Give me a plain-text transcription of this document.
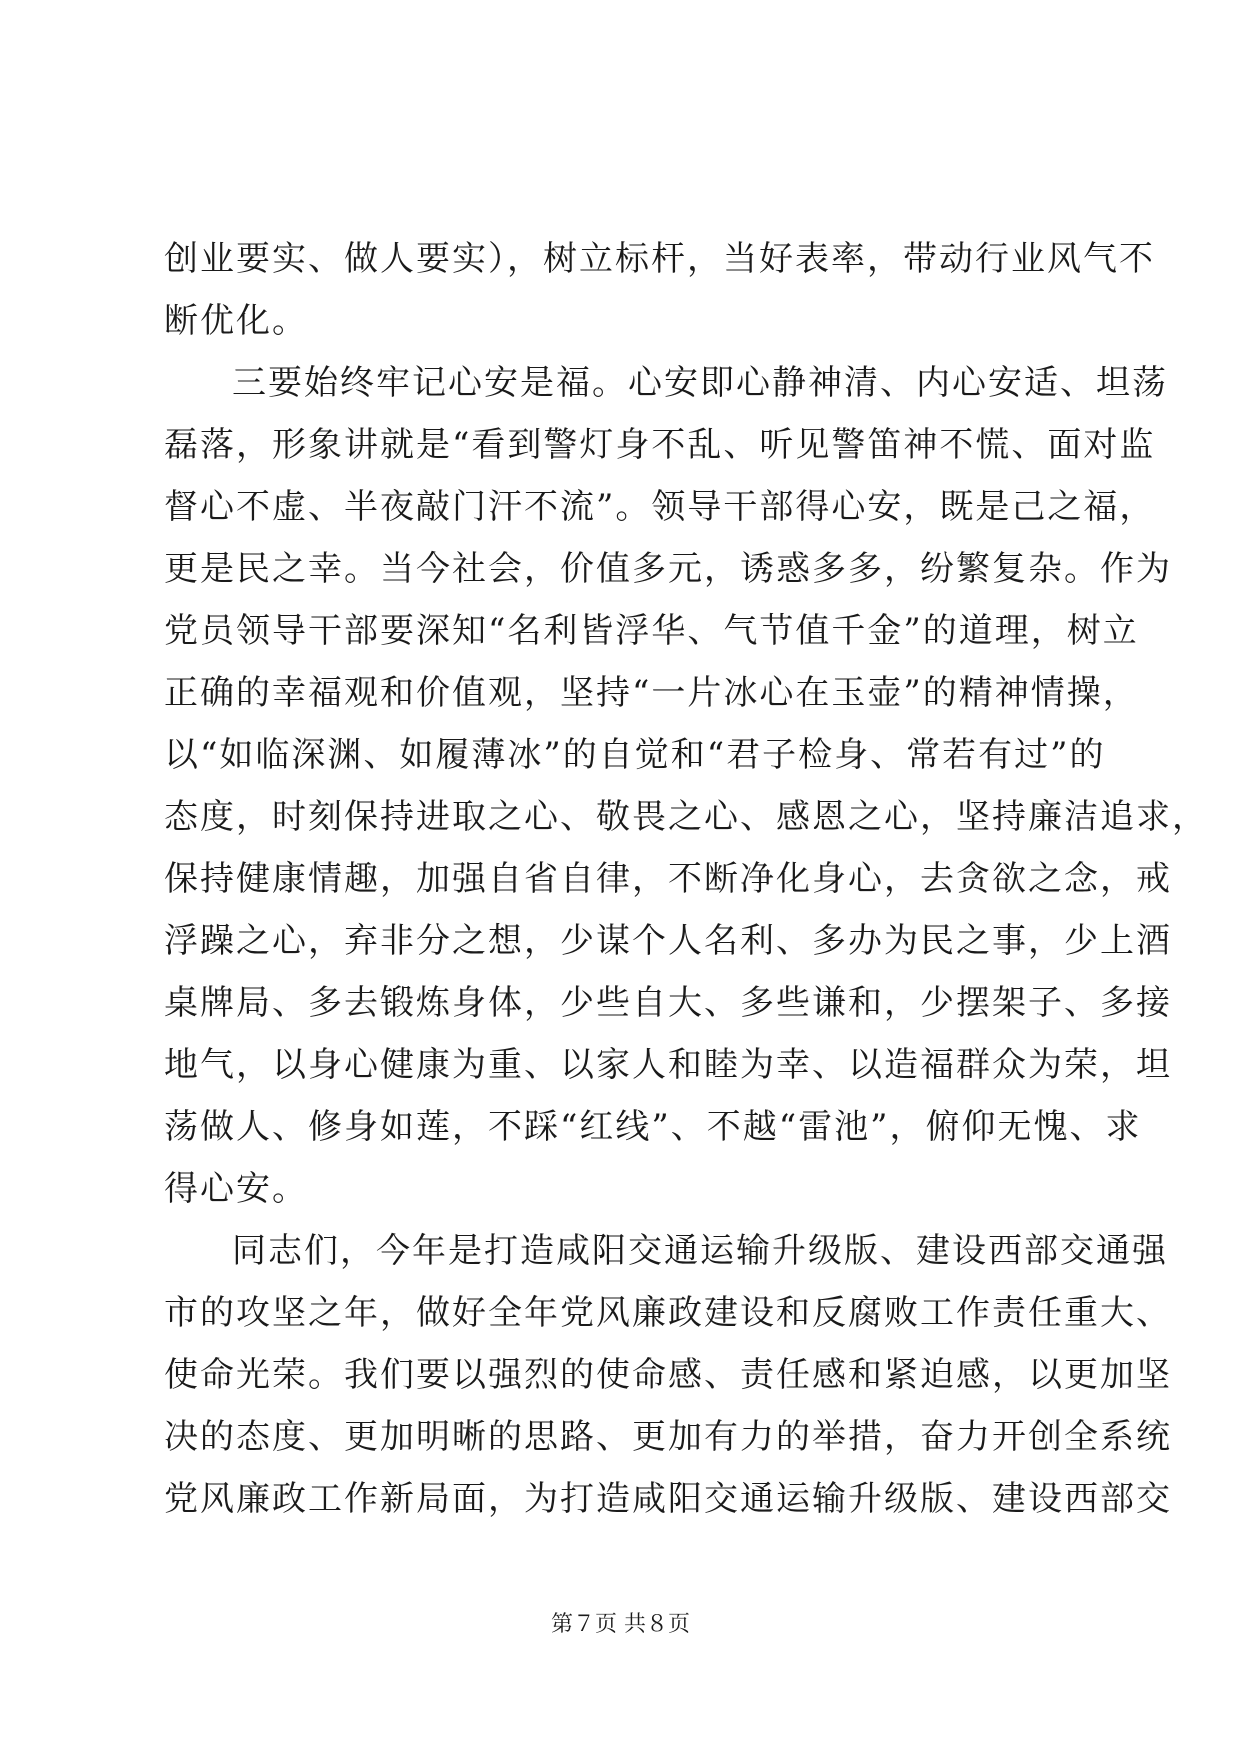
创业要实、做人要实），树立标杆，当好表率，带动行业风气不
断优化。
三要始终牢记心安是福。心安即心静神清、内心安适、坦荡
磊落，形象讲就是“看到警灯身不乱、听见警笛神不慌、面对监
督心不虚、半夜敲门汗不流”。领导干部得心安，既是己之福，
更是民之幸。当今社会，价值多元，诱惑多多，纷繁复杂。作为
党员领导干部要深知“名利皆浮华、气节值千金”的道理，树立
正确的幸福观和价值观，坚持“一片冰心在玉壶”的精神情操，
以“如临深渊、如履薄冰”的自觉和“君子检身、常若有过”的
态度，时刻保持进取之心、敬畏之心、感恩之心，坚持廉洁追求，
保持健康情趣，加强自省自律，不断净化身心，去贪欲之念，戒
浮躁之心，弃非分之想，少谋个人名利、多办为民之事，少上酒
桌牌局、多去锻炼身体，少些自大、多些谦和，少摆架子、多接
地气，以身心健康为重、以家人和睦为幸、以造福群众为荣，坦
荡做人、修身如莲，不踩“红线”、不越“雷池”，俯仰无愧、求
得心安。
同志们，今年是打造咸阳交通运输升级版、建设西部交通强
市的攻坚之年，做好全年党风廉政建设和反腐败工作责任重大、
使命光荣。我们要以强烈的使命感、责任感和紧迫感，以更加坚
决的态度、更加明晰的思路、更加有力的举措，奋力开创全系统
党风廉政工作新局面，为打造咸阳交通运输升级版、建设西部交
第７页 共８页
